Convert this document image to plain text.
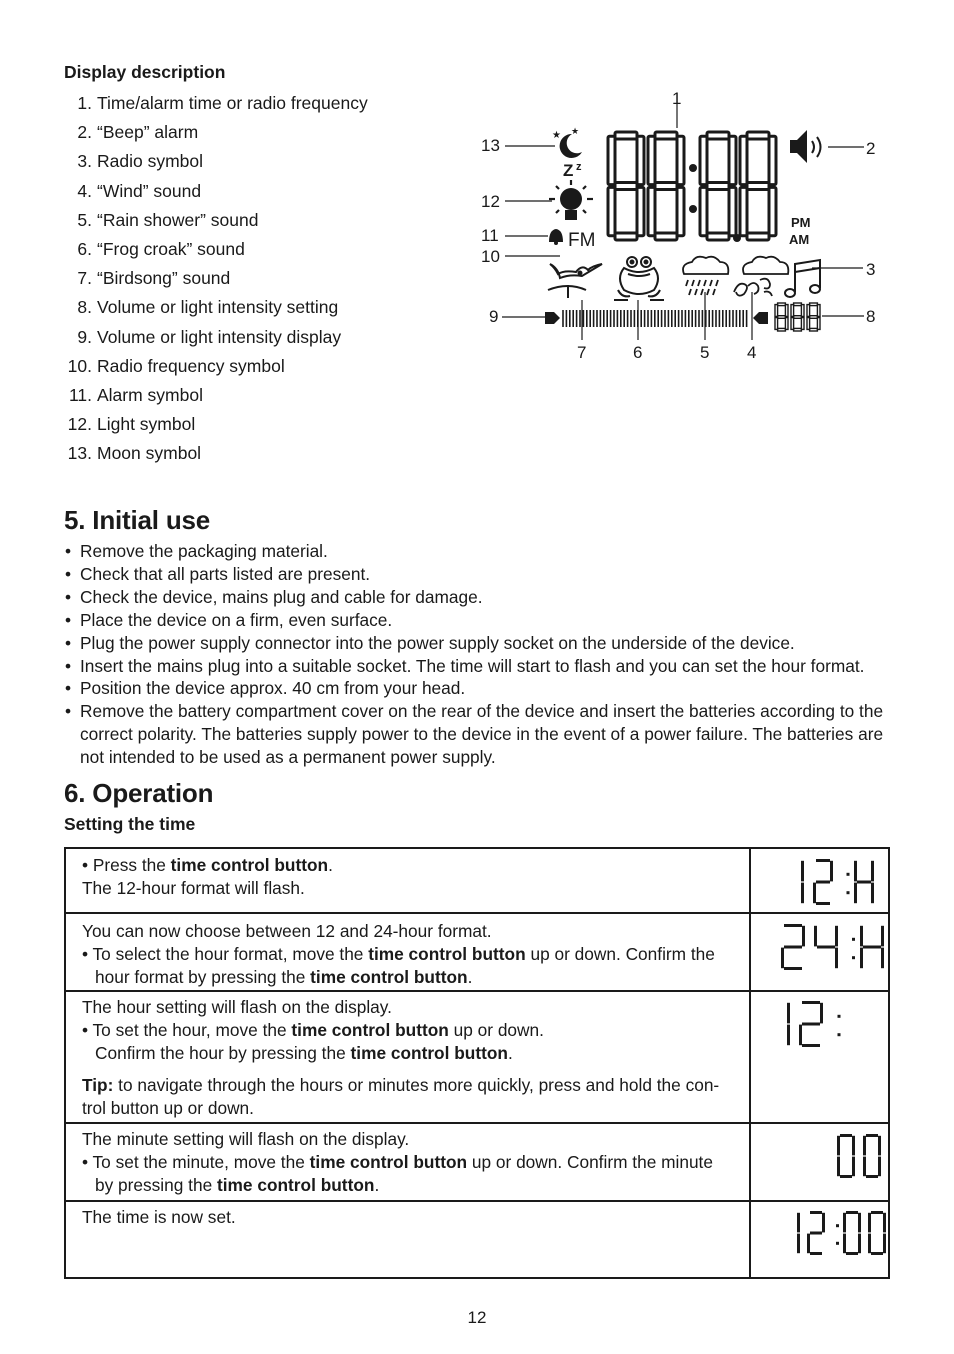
Display description
1. Time/alarm time or radio frequency
2. “Beep” alarm
3. Radio symbol
4. “Wind” sound
5. “Rain shower” sound
6. “Frog croak” sound
7. “Birdsong” sound
8. Volume or light intensity setting
9. Volume or light intensity display
10. Radio frequency symbol
11. Alarm symbol
12. Light symbol
13. Moon symbol
1
2
3
4
5
6
7
8
9
10
11
12
13
★ ★
Z z
FM
PM
AM
5. Initial use
• Remove the packaging material.
• Check that all parts listed are present.
• Check the device, mains plug and cable for damage.
• Place the device on a firm, even surface.
• Plug the power supply connector into the power supply socket on the underside of the device.
• Insert the mains plug into a suitable socket. The time will start to flash and you can set the hour format.
• Position the device approx. 40 cm from your head.
• Remove the battery compartment cover on the rear of the device and insert the batteries according to the correct polarity. The batteries supply power to the device in the event of a power failure. The batteries are not intended to be used as a permanent power supply.
6. Operation
Setting the time
• Press the time control button.
The 12-hour format will flash.

You can now choose between 12 and 24-hour format.
• To select the hour format, move the time control button up or down. Confirm the hour format by pressing the time control button.

The hour setting will flash on the display.
• To set the hour, move the time control button up or down.
Confirm the hour by pressing the time control button.
Tip: to navigate through the hours or minutes more quickly, press and hold the con-trol button up or down.

The minute setting will flash on the display.
• To set the minute, move the time control button up or down. Confirm the minute by pressing the time control button.

The time is now set.

12
